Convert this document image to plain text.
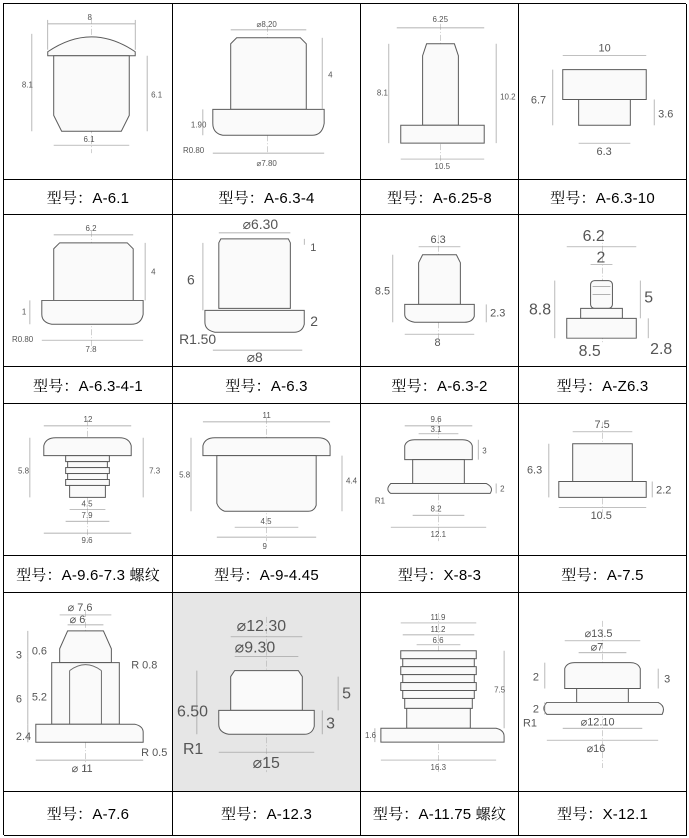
8
8.1
6.1
6.1
⌀8.20
4
1.90
R0.80
⌀7.80
6.25
8.1	10.2
10.5
10
6.7
3.6
6.3
型号：A-6.1	型号：A-6.3-4	型号：A-6.25-8	型号：A-6.3-10
6.2
4
1
R0.80
7.8
⌀6.30
6
1
2
R1.50
⌀8
6.3
8.5
2.3
8
6.2
2
8.8
5
8.5	2.8
型号：A-6.3-4-1	型号：A-6.3	型号：A-6.3-2	型号：A-Z6.3
12
5.8	7.3
4.5
7.9
9.6
11
5.8
4.4
4.5
9
9.6
3.1
3
2
R1
8.2
12.1
7.5
6.3
2.2
10.5
型号：A-9.6-7.3 螺纹	型号：A-9-4.45	型号：X-8-3	型号：A-7.5
⌀ 7.6
⌀ 6
3 0.6
6 5.2
2.4
R 0.8
R 0.5
⌀ 11
⌀12.30
⌀9.30
6.50
5
3
R1
⌀15
11.9
11.2
6.6
1.6
7.5
16.3
⌀13.5
⌀7
2
2
3
R1	⌀12.10
⌀16
型号：A-7.6	型号：A-12.3	型号：A-11.75 螺纹	型号：X-12.1
